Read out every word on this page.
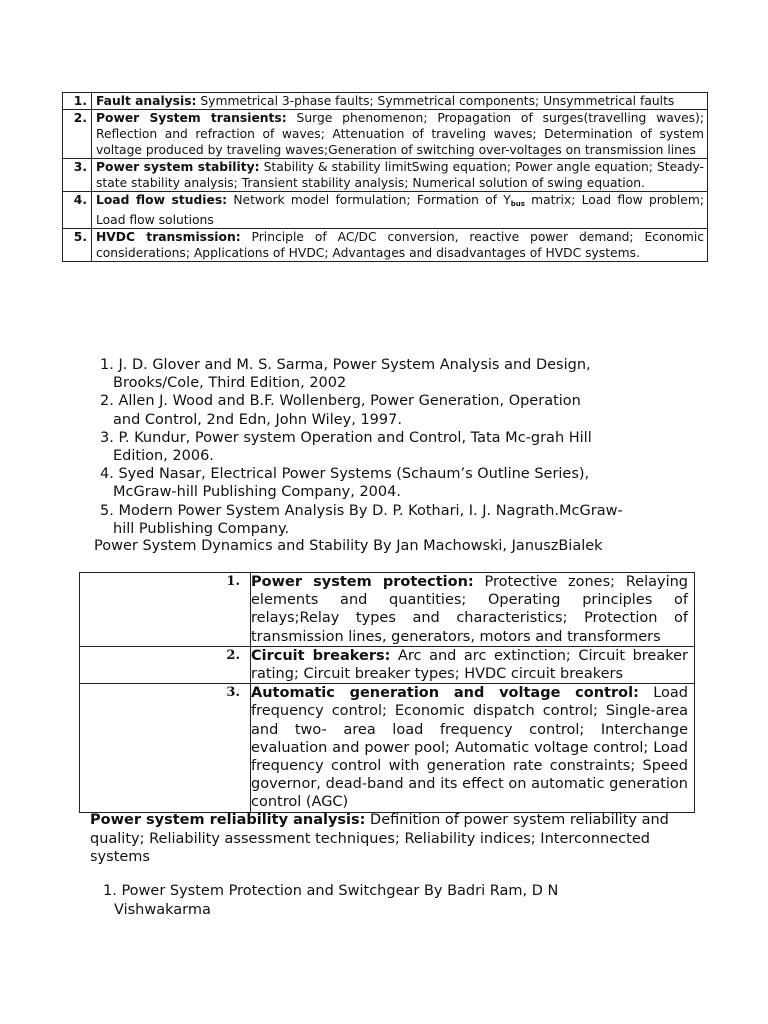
1.	Fault analysis: Symmetrical 3-phase faults; Symmetrical components; Unsymmetrical faults
2.	Power System transients: Surge phenomenon; Propagation of surges(travelling waves); Reflection and refraction of waves; Attenuation of traveling waves; Determination of system voltage produced by traveling waves;Generation of switching over-voltages on transmission lines
3.	Power system stability: Stability & stability limitSwing equation; Power angle equation; Steady-state stability analysis; Transient stability analysis; Numerical solution of swing equation.
4.	Load flow studies: Network model formulation; Formation of $Y_{bus}$ matrix; Load flow problem; Load flow solutions
5.	HVDC transmission: Principle of AC/DC conversion, reactive power demand; Economic considerations; Applications of HVDC; Advantages and disadvantages of HVDC systems.

1. J. D. Glover and M. S. Sarma, Power System Analysis and Design,
Brooks/Cole, Third Edition, 2002

2. Allen J. Wood and B.F. Wollenberg, Power Generation, Operation
and Control, 2nd Edn, John Wiley, 1997.

3. P. Kundur, Power system Operation and Control, Tata Mc-grah Hill
Edition, 2006.

4. Syed Nasar, Electrical Power Systems (Schaum’s Outline Series),
McGraw-hill Publishing Company, 2004.

5. Modern Power System Analysis By D. P. Kothari, I. J. Nagrath.McGraw-
hill Publishing Company.

Power System Dynamics and Stability By Jan Machowski, JanuszBialek
1.	Power system protection: Protective zones; Relaying elements and quantities; Operating principles of relays;Relay types and characteristics; Protection of transmission lines, generators, motors and transformers
2.	Circuit breakers: Arc and arc extinction; Circuit breaker rating; Circuit breaker types; HVDC circuit breakers
3.	Automatic generation and voltage control: Load frequency control; Economic dispatch control; Single-area and two- area load frequency control; Interchange evaluation and power pool; Automatic voltage control; Load frequency control with generation rate constraints; Speed governor, dead-band and its effect on automatic generation control (AGC)
Power system reliability analysis: Definition of power system reliability and quality; Reliability assessment techniques; Reliability indices; Interconnected systems

1. Power System Protection and Switchgear By Badri Ram, D N
Vishwakarma
